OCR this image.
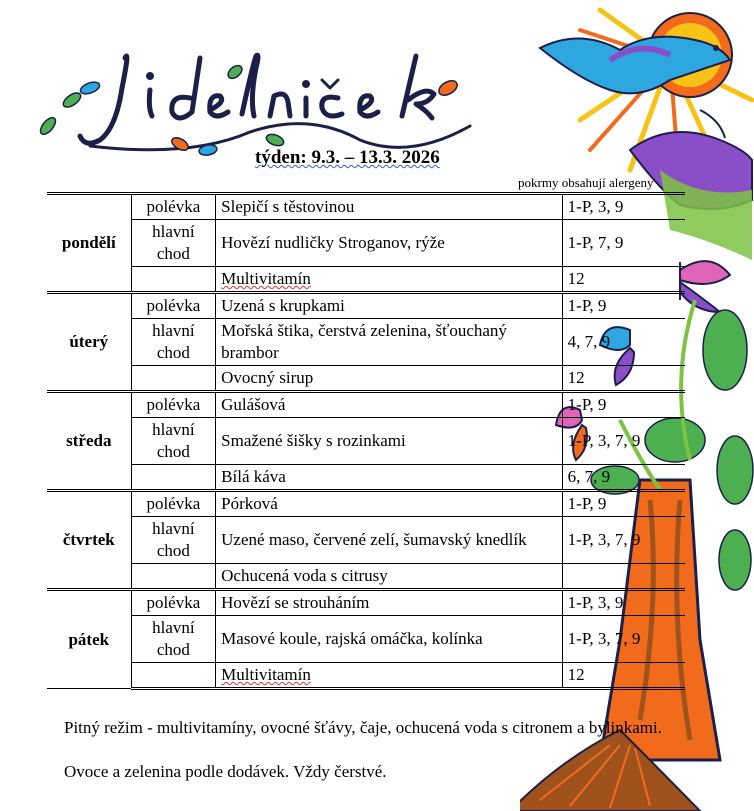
týden: 9.3. – 13.3. 2026
pokrmy obsahují alergeny
pondělí	polévka	Slepičí s těstovinou	1-P, 3, 9
	hlavní chod	Hovězí nudličky Stroganov, rýže	1-P, 7, 9
		Multivitamín	12
úterý	polévka	Uzená s krupkami	1-P, 9
	hlavní chod	Mořská štika, čerstvá zelenina, šťouchaný brambor	4, 7, 9
		Ovocný sirup	12
středa	polévka	Gulášová	1-P, 9
	hlavní chod	Smažené šišky s rozinkami	1-P, 3, 7, 9
		Bílá káva	6, 7, 9
čtvrtek	polévka	Pórková	1-P, 9
	hlavní chod	Uzené maso, červené zelí, šumavský knedlík	1-P, 3, 7, 9
		Ochucená voda s citrusy	
pátek	polévka	Hovězí se strouháním	1-P, 3, 9
	hlavní chod	Masové koule, rajská omáčka, kolínka	1-P, 3, 7, 9
		Multivitamín	12

Pitný režim - multivitamíny, ovocné šťávy, čaje, ochucená voda s citronem a bylinkami.

Ovoce a zelenina podle dodávek. Vždy čerstvé.
